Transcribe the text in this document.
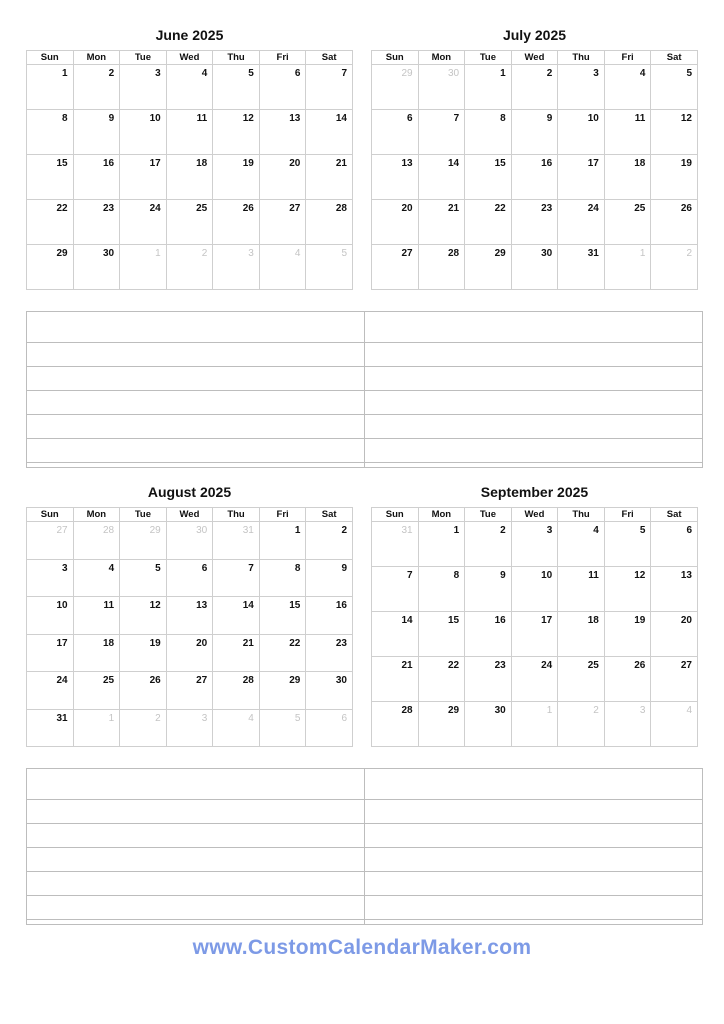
June 2025
Sun	Mon	Tue	Wed	Thu	Fri	Sat
1	2	3	4	5	6	7
8	9	10	11	12	13	14
15	16	17	18	19	20	21
22	23	24	25	26	27	28
29	30	1	2	3	4	5
July 2025
Sun	Mon	Tue	Wed	Thu	Fri	Sat
29	30	1	2	3	4	5
6	7	8	9	10	11	12
13	14	15	16	17	18	19
20	21	22	23	24	25	26
27	28	29	30	31	1	2
August 2025
Sun	Mon	Tue	Wed	Thu	Fri	Sat
27	28	29	30	31	1	2
3	4	5	6	7	8	9
10	11	12	13	14	15	16
17	18	19	20	21	22	23
24	25	26	27	28	29	30
31	1	2	3	4	5	6
September 2025
Sun	Mon	Tue	Wed	Thu	Fri	Sat
31	1	2	3	4	5	6
7	8	9	10	11	12	13
14	15	16	17	18	19	20
21	22	23	24	25	26	27
28	29	30	1	2	3	4
www.CustomCalendarMaker.com
